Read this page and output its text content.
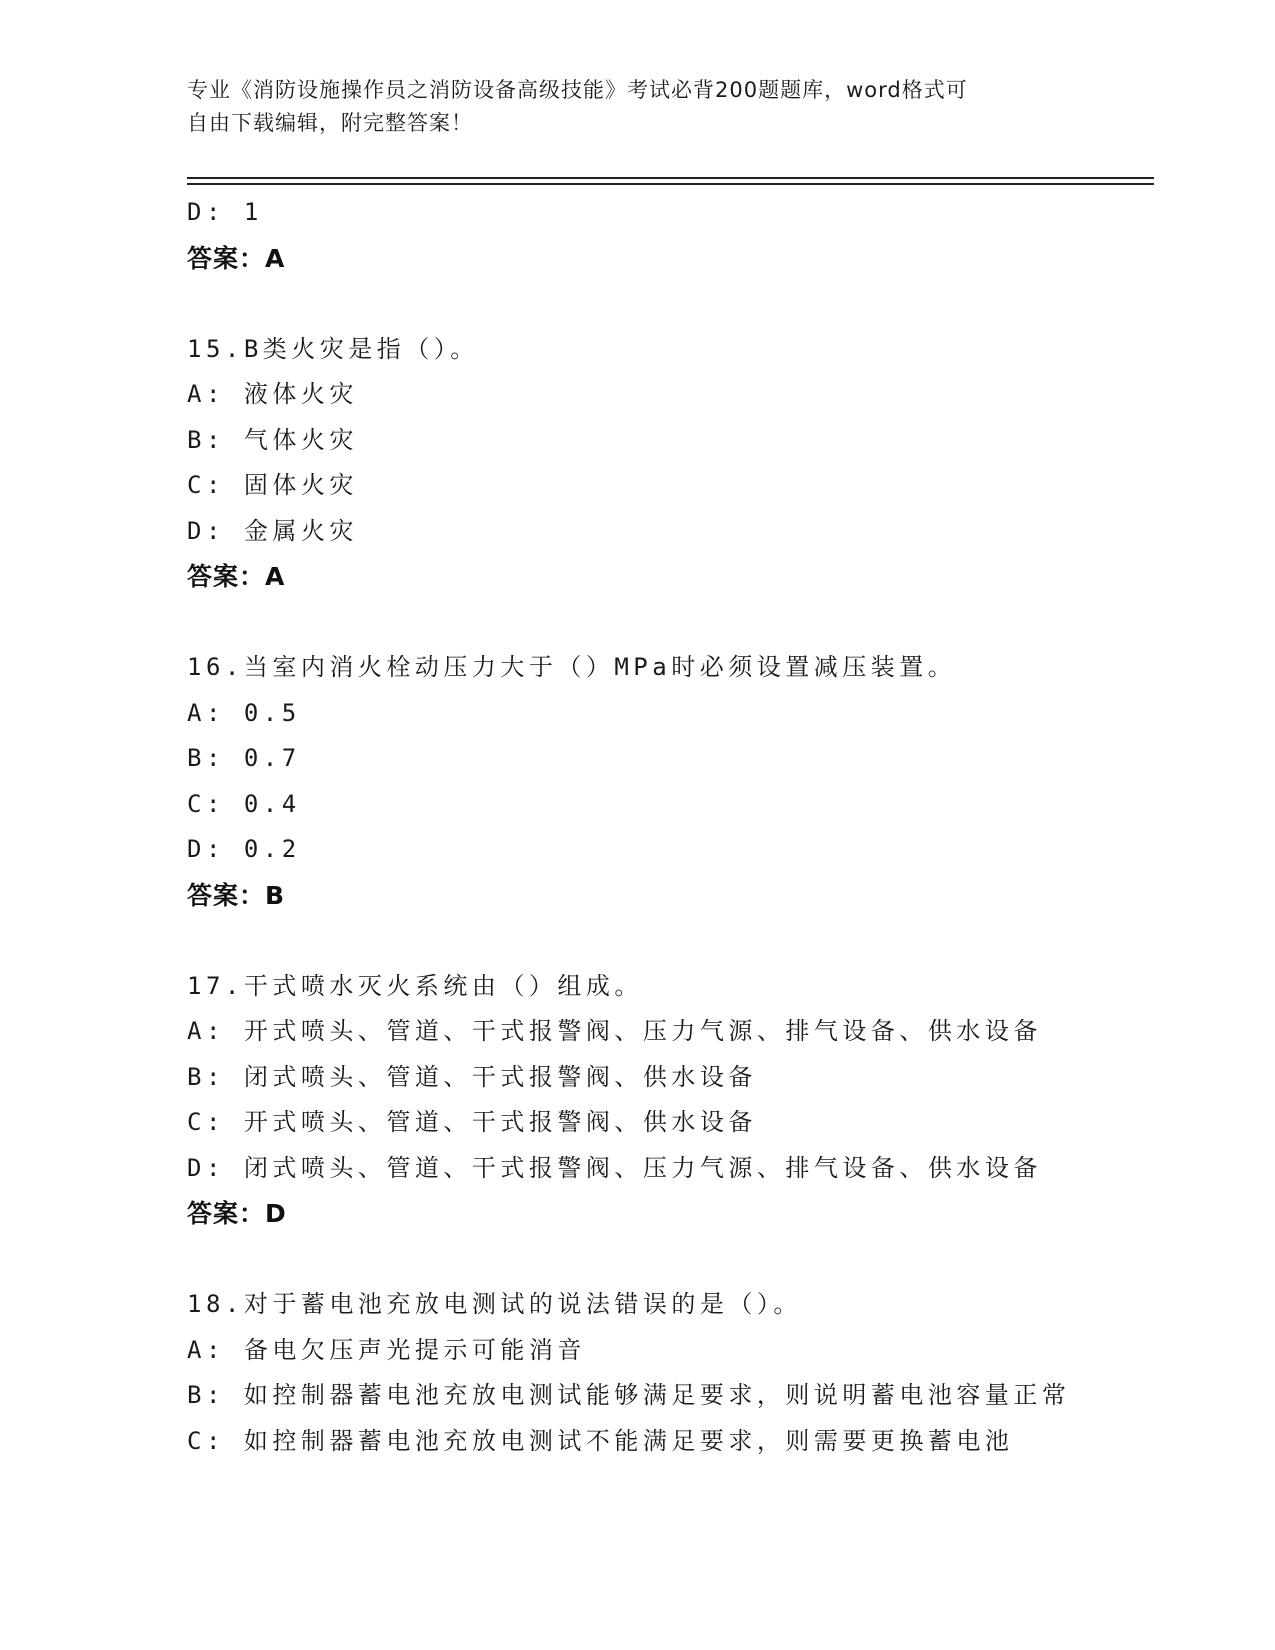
专业《消防设施操作员之消防设备高级技能》考试必背200题题库，word格式可
自由下载编辑，附完整答案！
D: 1
答案：A
15.B类火灾是指（）。
A: 液体火灾
B: 气体火灾
C: 固体火灾
D: 金属火灾
答案：A
16.当室内消火栓动压力大于（）MPa时必须设置减压装置。
A: 0.5
B: 0.7
C: 0.4
D: 0.2
答案：B
17.干式喷水灭火系统由（）组成。
A: 开式喷头、管道、干式报警阀、压力气源、排气设备、供水设备
B: 闭式喷头、管道、干式报警阀、供水设备
C: 开式喷头、管道、干式报警阀、供水设备
D: 闭式喷头、管道、干式报警阀、压力气源、排气设备、供水设备
答案：D
18.对于蓄电池充放电测试的说法错误的是（）。
A: 备电欠压声光提示可能消音
B: 如控制器蓄电池充放电测试能够满足要求，则说明蓄电池容量正常
C: 如控制器蓄电池充放电测试不能满足要求，则需要更换蓄电池
